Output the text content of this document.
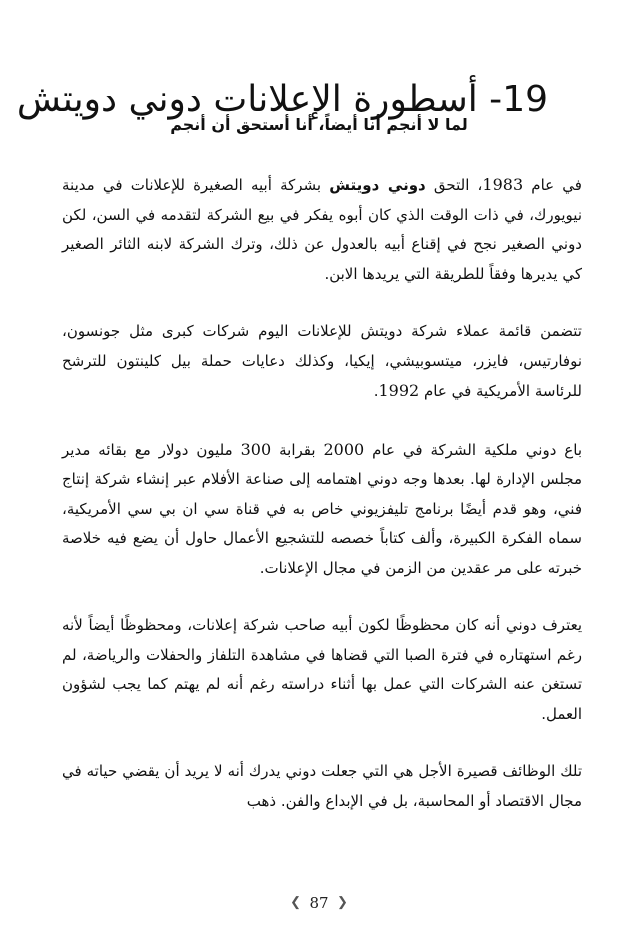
19- أسطورة الإعلانات دوني دويتش
لما لا أنجم أنا أيضاً، أنا أستحق أن أنجم

في عام 1983، التحق دوني دويتش بشركة أبيه الصغيرة للإعلانات في مدينة نيويورك، في ذات الوقت الذي كان أبوه يفكر في بيع الشركة لتقدمه في السن، لكن دوني الصغير نجح في إقناع أبيه بالعدول عن ذلك، وترك الشركة لابنه الثائر الصغير كي يديرها وفقاً للطريقة التي يريدها الابن.

تتضمن قائمة عملاء شركة دويتش للإعلانات اليوم شركات كبرى مثل جونسون، نوفارتيس، فايزر، ميتسوبيشي، إيكيا، وكذلك دعايات حملة بيل كلينتون للترشح للرئاسة الأمريكية في عام 1992.

باع دوني ملكية الشركة في عام 2000 بقرابة 300 مليون دولار مع بقائه مدير مجلس الإدارة لها. بعدها وجه دوني اهتمامه إلى صناعة الأفلام عبر إنشاء شركة إنتاج فني، وهو قدم أيضًا برنامج تليفزيوني خاص به في قناة سي ان بي سي الأمريكية، سماه الفكرة الكبيرة، وألف كتاباً خصصه للتشجيع الأعمال حاول أن يضع فيه خلاصة خبرته على مر عقدين من الزمن في مجال الإعلانات.

يعترف دوني أنه كان محظوظًا لكون أبيه صاحب شركة إعلانات، ومحظوظًا أيضاً لأنه رغم استهتاره في فترة الصبا التي قضاها في مشاهدة التلفاز والحفلات والرياضة، لم تستغن عنه الشركات التي عمل بها أثناء دراسته رغم أنه لم يهتم كما يجب لشؤون العمل.

تلك الوظائف قصيرة الأجل هي التي جعلت دوني يدرك أنه لا يريد أن يقضي حياته في مجال الاقتصاد أو المحاسبة، بل في الإبداع والفن. ذهب

❮ 87 ❯
